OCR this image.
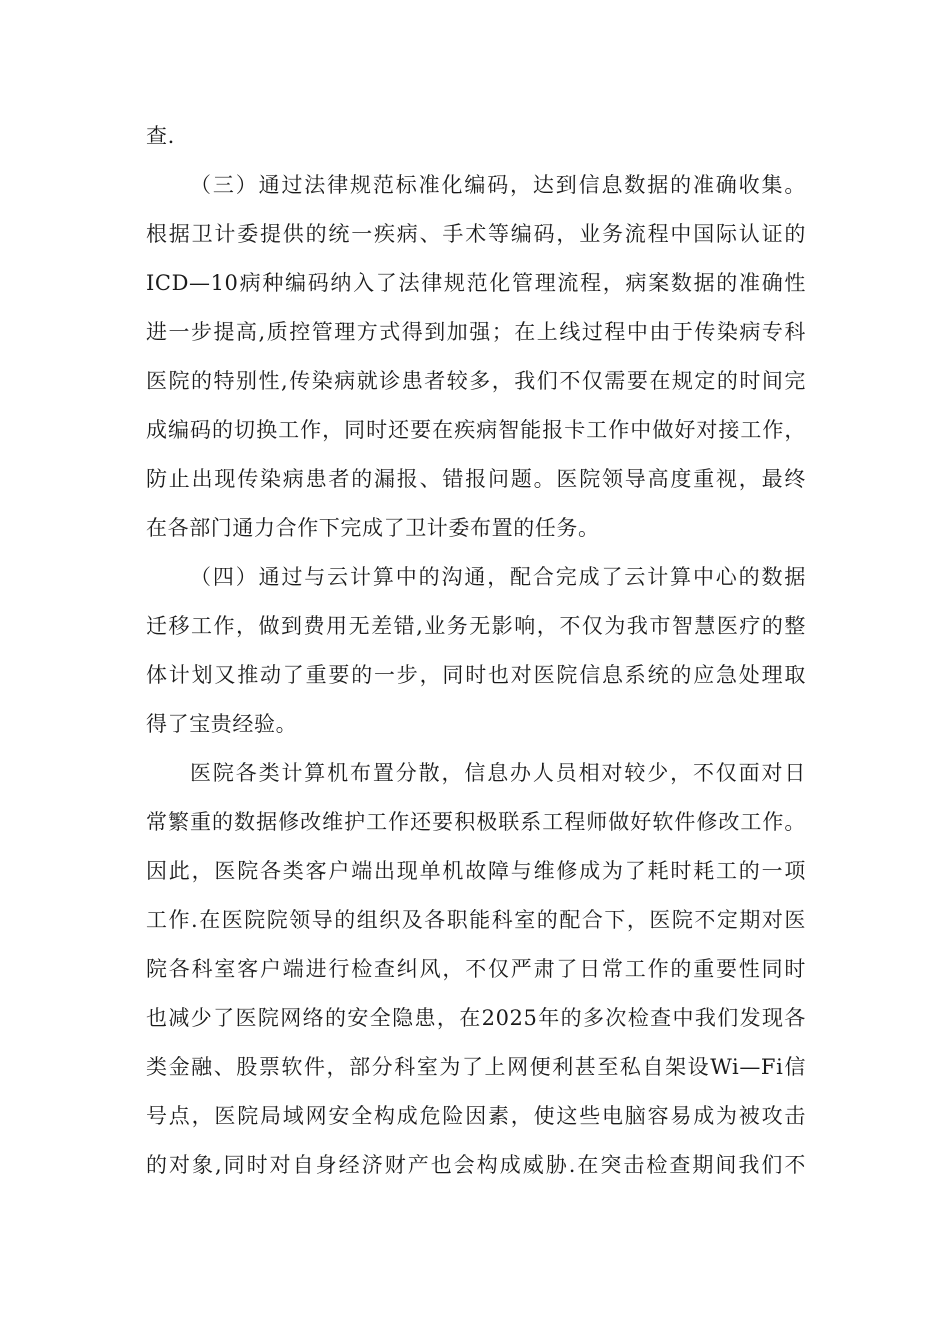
查.
（三）通过法律规范标准化编码，达到信息数据的准确收集。
根据卫计委提供的统一疾病、手术等编码，业务流程中国际认证的
ICD—10病种编码纳入了法律规范化管理流程，病案数据的准确性
进一步提高,质控管理方式得到加强；在上线过程中由于传染病专科
医院的特别性,传染病就诊患者较多，我们不仅需要在规定的时间完
成编码的切换工作，同时还要在疾病智能报卡工作中做好对接工作，
防止出现传染病患者的漏报、错报问题。医院领导高度重视，最终
在各部门通力合作下完成了卫计委布置的任务。
（四）通过与云计算中的沟通，配合完成了云计算中心的数据
迁移工作，做到费用无差错,业务无影响，不仅为我市智慧医疗的整
体计划又推动了重要的一步，同时也对医院信息系统的应急处理取
得了宝贵经验。
医院各类计算机布置分散，信息办人员相对较少，不仅面对日
常繁重的数据修改维护工作还要积极联系工程师做好软件修改工作。
因此，医院各类客户端出现单机故障与维修成为了耗时耗工的一项
工作.在医院院领导的组织及各职能科室的配合下，医院不定期对医
院各科室客户端进行检查纠风，不仅严肃了日常工作的重要性同时
也减少了医院网络的安全隐患，在2025年的多次检查中我们发现各
类金融、股票软件，部分科室为了上网便利甚至私自架设Wi—Fi信
号点，医院局域网安全构成危险因素，使这些电脑容易成为被攻击
的对象,同时对自身经济财产也会构成威胁.在突击检查期间我们不
